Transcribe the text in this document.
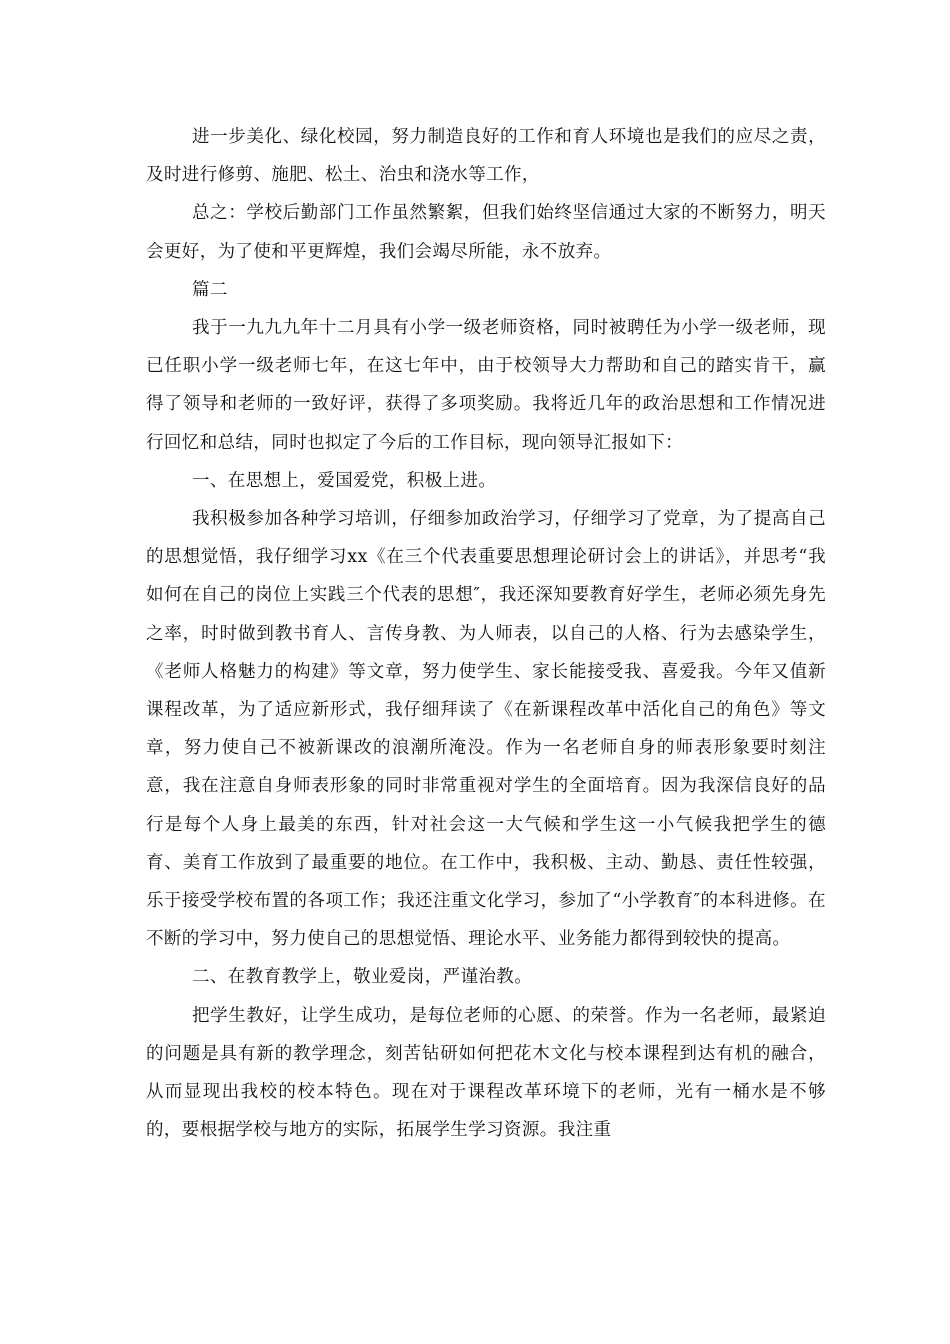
进一步美化、绿化校园，努力制造良好的工作和育人环境也是我们的应尽之责，及时进行修剪、施肥、松土、治虫和浇水等工作，

总之：学校后勤部门工作虽然繁絮，但我们始终坚信通过大家的不断努力，明天会更好，为了使和平更辉煌，我们会竭尽所能，永不放弃。

篇二

我于一九九九年十二月具有小学一级老师资格，同时被聘任为小学一级老师，现已任职小学一级老师七年，在这七年中，由于校领导大力帮助和自己的踏实肯干，赢得了领导和老师的一致好评，获得了多项奖励。我将近几年的政治思想和工作情况进行回忆和总结，同时也拟定了今后的工作目标，现向领导汇报如下：

一、在思想上，爱国爱党，积极上进。

我积极参加各种学习培训，仔细参加政治学习，仔细学习了党章，为了提高自己的思想觉悟，我仔细学习xx《在三个代表重要思想理论研讨会上的讲话》，并思考“我如何在自己的岗位上实践三个代表的思想″，我还深知要教育好学生，老师必须先身先之率，时时做到教书育人、言传身教、为人师表，以自己的人格、行为去感染学生，《老师人格魅力的构建》等文章，努力使学生、家长能接受我、喜爱我。今年又值新课程改革，为了适应新形式，我仔细拜读了《在新课程改革中活化自己的角色》等文章，努力使自己不被新课改的浪潮所淹没。作为一名老师自身的师表形象要时刻注意，我在注意自身师表形象的同时非常重视对学生的全面培育。因为我深信良好的品行是每个人身上最美的东西，针对社会这一大气候和学生这一小气候我把学生的德育、美育工作放到了最重要的地位。在工作中，我积极、主动、勤恳、责任性较强，乐于接受学校布置的各项工作；我还注重文化学习，参加了“小学教育″的本科进修。在不断的学习中，努力使自己的思想觉悟、理论水平、业务能力都得到较快的提高。

二、在教育教学上，敬业爱岗，严谨治教。

把学生教好，让学生成功，是每位老师的心愿、的荣誉。作为一名老师，最紧迫的问题是具有新的教学理念，刻苦钻研如何把花木文化与校本课程到达有机的融合，从而显现出我校的校本特色。现在对于课程改革环境下的老师，光有一桶水是不够的，要根据学校与地方的实际，拓展学生学习资源。我注重
